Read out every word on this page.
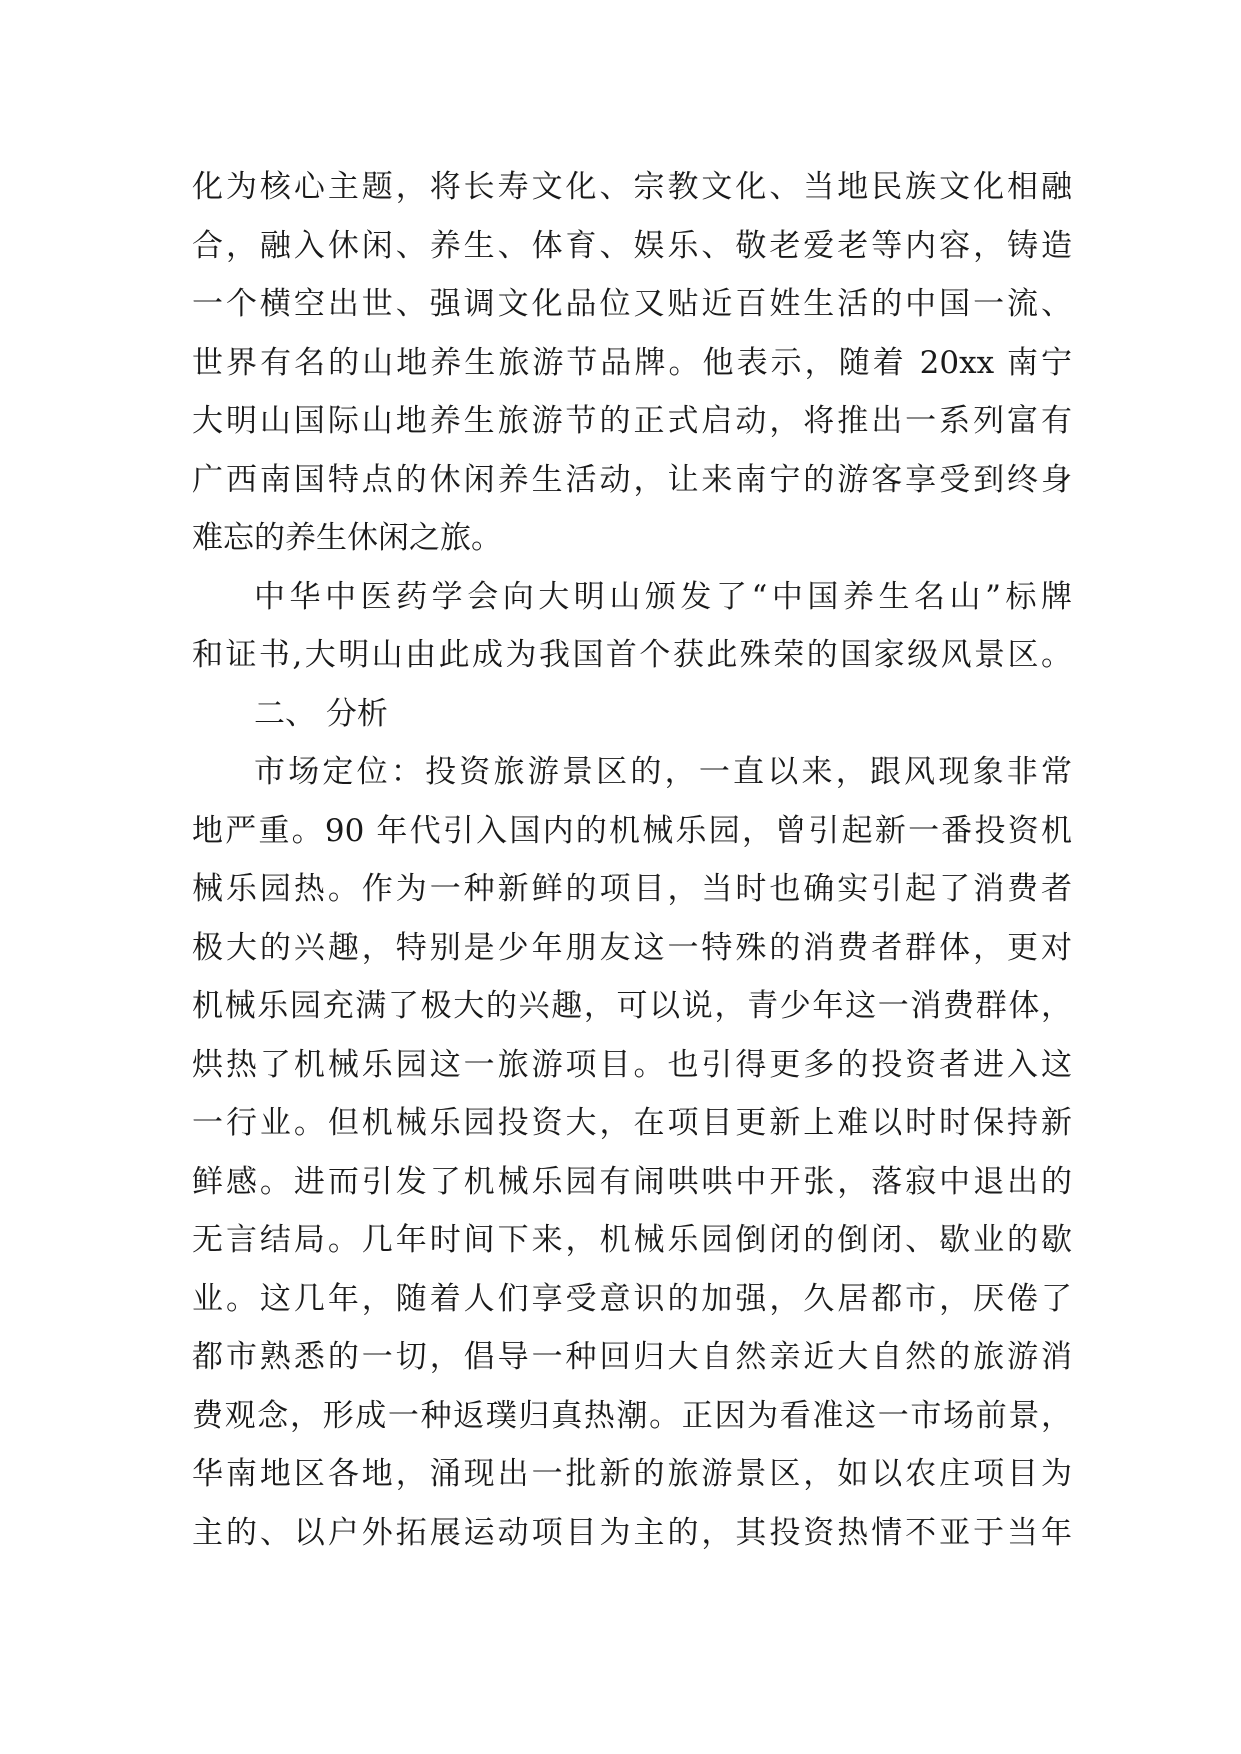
化为核心主题，将长寿文化、宗教文化、当地民族文化相融
合，融入休闲、养生、体育、娱乐、敬老爱老等内容，铸造
一个横空出世、强调文化品位又贴近百姓生活的中国一流、
世界有名的山地养生旅游节品牌。他表示，随着 20xx 南宁
大明山国际山地养生旅游节的正式启动，将推出一系列富有
广西南国特点的休闲养生活动，让来南宁的游客享受到终身
难忘的养生休闲之旅。
中华中医药学会向大明山颁发了“中国养生名山”标牌
和证书,大明山由此成为我国首个获此殊荣的国家级风景区。
二、 分析
市场定位：投资旅游景区的，一直以来，跟风现象非常
地严重。90 年代引入国内的机械乐园，曾引起新一番投资机
械乐园热。作为一种新鲜的项目，当时也确实引起了消费者
极大的兴趣，特别是少年朋友这一特殊的消费者群体，更对
机械乐园充满了极大的兴趣，可以说，青少年这一消费群体，
烘热了机械乐园这一旅游项目。也引得更多的投资者进入这
一行业。但机械乐园投资大，在项目更新上难以时时保持新
鲜感。进而引发了机械乐园有闹哄哄中开张，落寂中退出的
无言结局。几年时间下来，机械乐园倒闭的倒闭、歇业的歇
业。这几年，随着人们享受意识的加强，久居都市，厌倦了
都市熟悉的一切，倡导一种回归大自然亲近大自然的旅游消
费观念，形成一种返璞归真热潮。正因为看准这一市场前景，
华南地区各地，涌现出一批新的旅游景区，如以农庄项目为
主的、以户外拓展运动项目为主的，其投资热情不亚于当年
